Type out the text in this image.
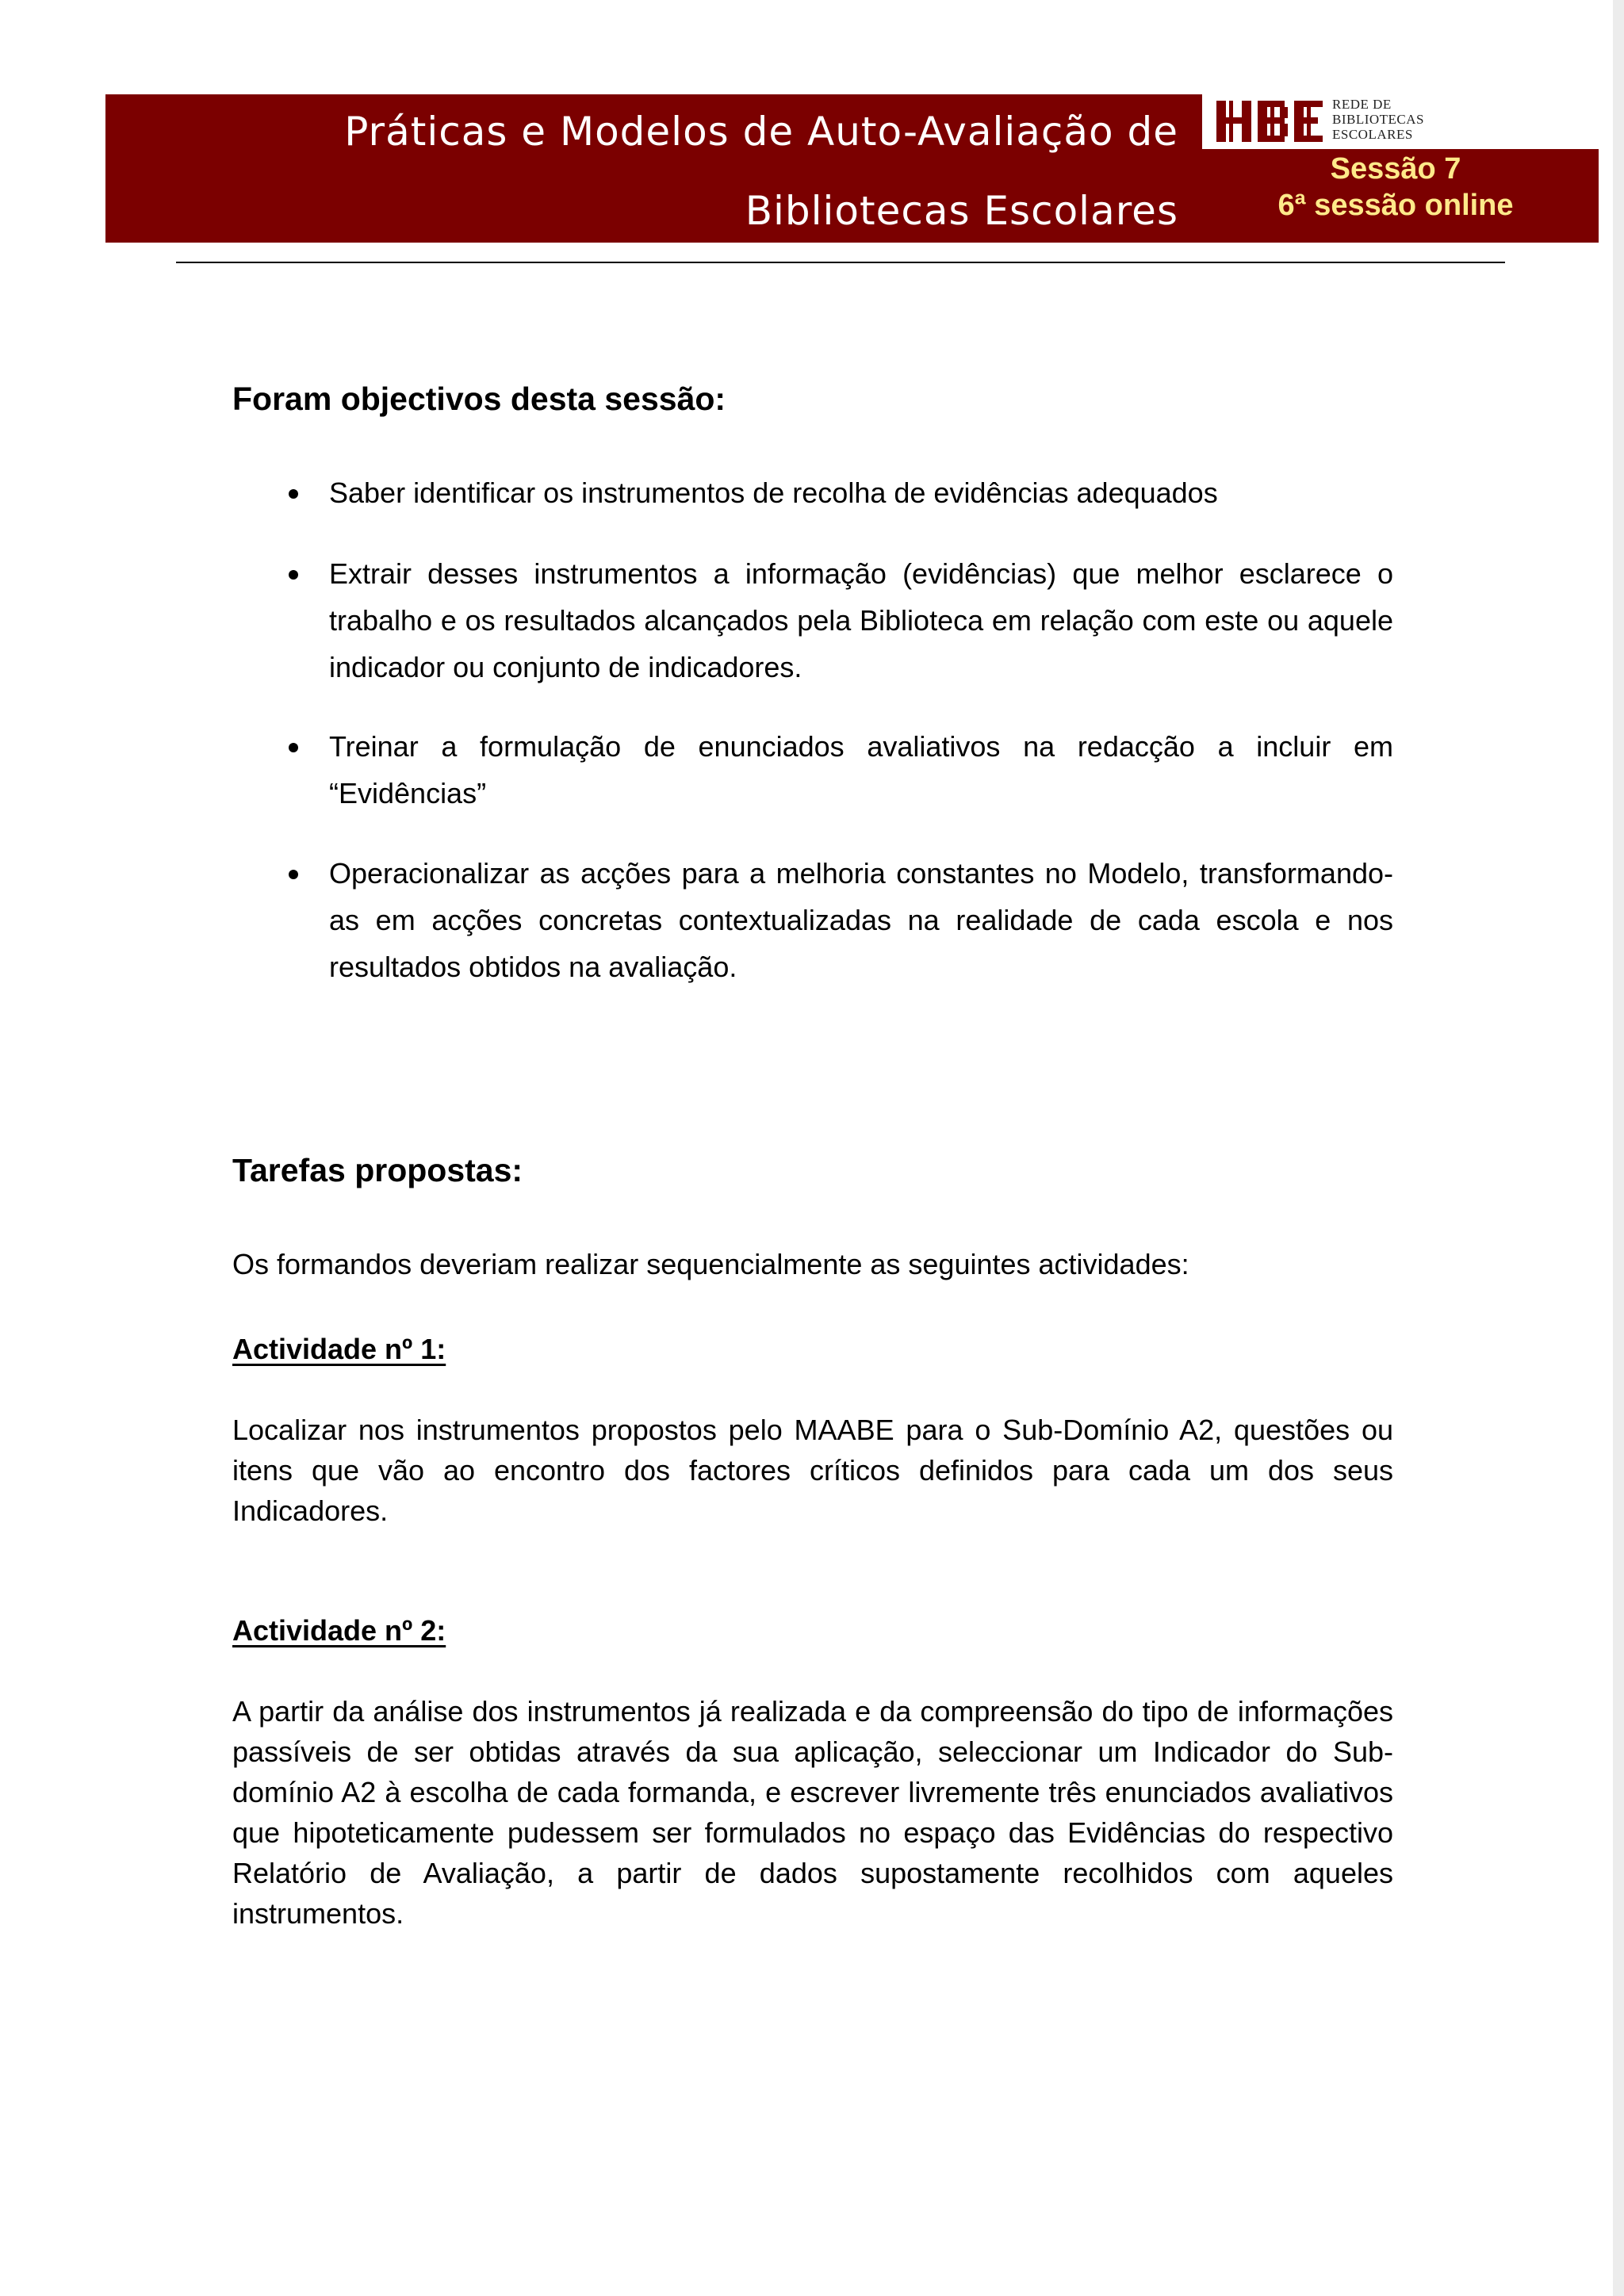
Práticas e Modelos de Auto-Avaliação de
Bibliotecas Escolares
REDE DE
BIBLIOTECAS
ESCOLARES
Sessão 7
6ª sessão online
Foram objectivos desta sessão:
Saber identificar os instrumentos de recolha de evidências adequados
Extrair desses instrumentos a informação (evidências) que melhor esclarece o trabalho e os resultados alcançados pela Biblioteca em relação com este ou aquele indicador ou conjunto de indicadores.
Treinar a formulação de enunciados avaliativos na redacção a incluir em “Evidências”
Operacionalizar as acções para a melhoria constantes no Modelo, transformando-as em acções concretas contextualizadas na realidade de cada escola e nos resultados obtidos na avaliação.
Tarefas propostas:
Os formandos deveriam realizar sequencialmente as seguintes actividades:
Actividade nº 1:
Localizar nos instrumentos propostos pelo MAABE para o Sub-Domínio A2, questões ou itens que vão ao encontro dos factores críticos definidos para cada um dos seus Indicadores.
Actividade nº 2:
A partir da análise dos instrumentos já realizada e da compreensão do tipo de informações passíveis de ser obtidas através da sua aplicação, seleccionar um Indicador do Sub-domínio A2 à escolha de cada formanda, e escrever livremente três enunciados avaliativos que hipoteticamente pudessem ser formulados no espaço das Evidências do respectivo Relatório de Avaliação, a partir de dados supostamente recolhidos com aqueles instrumentos.
